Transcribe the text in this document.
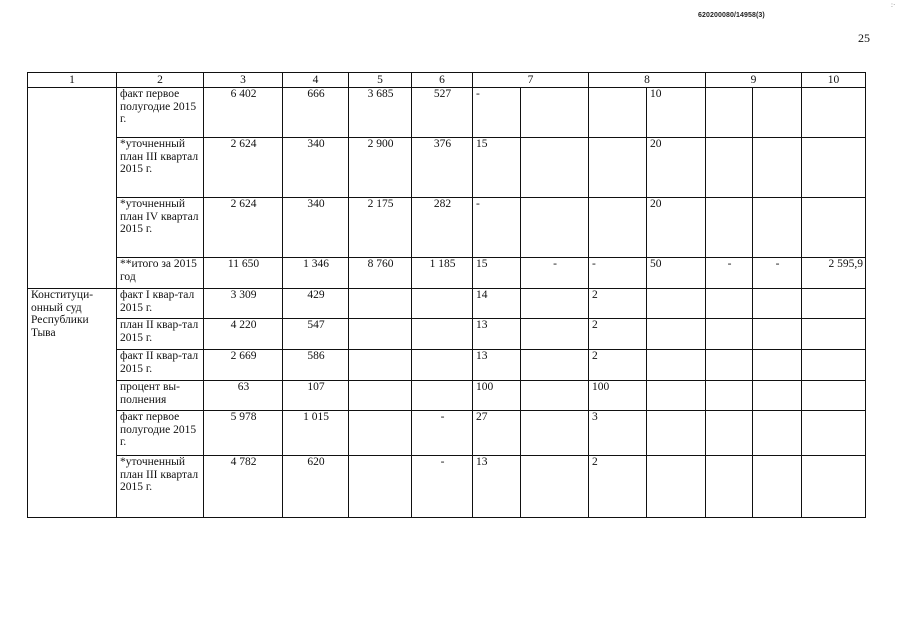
620200080/14958(3)
:·
25
1	2	3	4	5	6	7		8		9		10
	факт первое полугодие 2015 г.	6 402	666	3 685	527	-			10			
	*уточненный план III квартал 2015 г.	2 624	340	2 900	376	15			20			
	*уточненный план IV квартал 2015 г.	2 624	340	2 175	282	-			20			
	**итого за 2015 год	11 650	1 346	8 760	1 185	15	-	-	50	-	-	2 595,9
Конституци-онный суд Республики Тыва	факт I квар-тал 2015 г.	3 309	429			14		2				
	план II квар-тал 2015 г.	4 220	547			13		2				
	факт II квар-тал 2015 г.	2 669	586			13		2				
	процент вы-полнения	63	107			100		100				
	факт первое полугодие 2015 г.	5 978	1 015		-	27		3				
	*уточненный план III квартал 2015 г.	4 782	620		-	13		2				
